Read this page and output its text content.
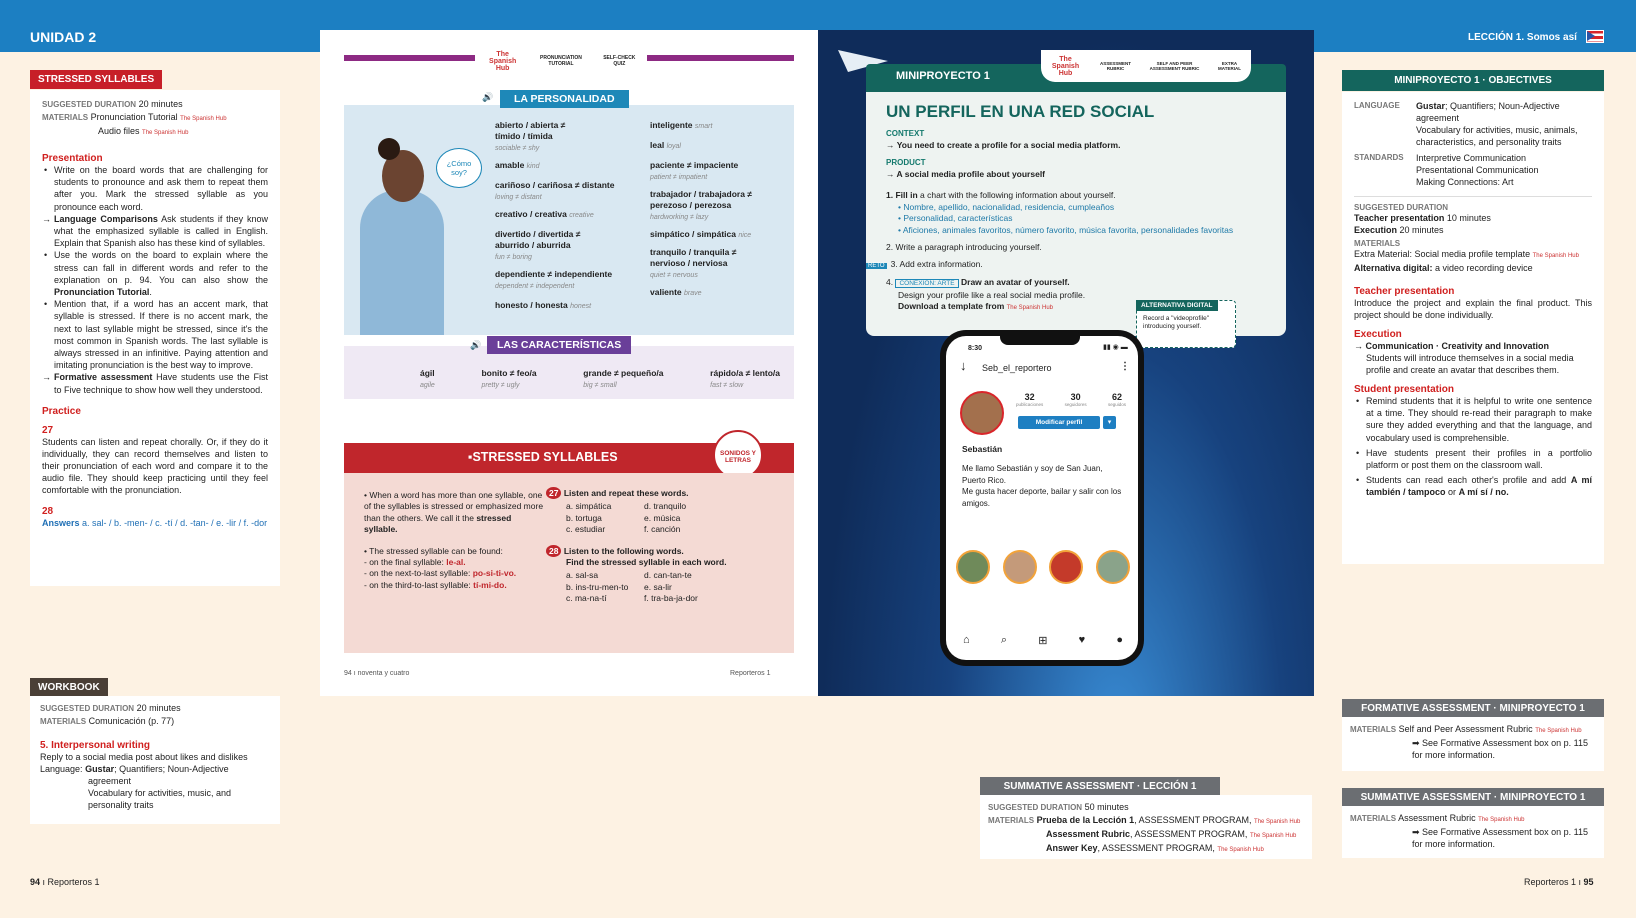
UNIDAD 2	LECCIÓN 1. Somos así
STRESSED SYLLABLES
SUGGESTED DURATION 20 minutes
MATERIALS Pronunciation Tutorial The Spanish Hub
Audio files The Spanish Hub
Presentation
• Write on the board words that are challenging for students to pronounce and ask them to repeat them after you. Mark the stressed syllable as you pronounce each word.
→ Language Comparisons Ask students if they know what the emphasized syllable is called in English. Explain that Spanish also has these kind of syllables.
• Use the words on the board to explain where the stress can fall in different words and refer to the explanation on p. 94. You can also show the Pronunciation Tutorial.
• Mention that, if a word has an accent mark, that syllable is stressed. If there is no accent mark, the next to last syllable might be stressed, since it's the most common in Spanish words. The last syllable is always stressed in an infinitive. Paying attention and imitating pronunciation is the best way to improve.
→ Formative assessment Have students use the Fist to Five technique to show how well they understood.
Practice
27
Students can listen and repeat chorally. Or, if they do it individually, they can record themselves and listen to their pronunciation of each word and compare it to the audio file. They should keep practicing until they feel comfortable with the pronunciation.
28
Answers a. sal- / b. -men- / c. -tí / d. -tan- / e. -lir / f. -dor
WORKBOOK
SUGGESTED DURATION 20 minutes
MATERIALS Comunicación (p. 77)
5. Interpersonal writing
Reply to a social media post about likes and dislikes
Language: Gustar; Quantifiers; Noun-Adjective
agreement
Vocabulary for activities, music, and
personality traits
The Spanish Hub
PRONUNCIATION TUTORIAL
SELF-CHECK QUIZ
🔊	LA PERSONALIDAD
¿Cómo soy?
abierto / abierta ≠
tímido / tímida
sociable ≠ shy
amable kind
cariñoso / cariñosa ≠ distante
loving ≠ distant
creativo / creativa creative
divertido / divertida ≠
aburrido / aburrida
fun ≠ boring
dependiente ≠ independiente
dependent ≠ independent
honesto / honesta honest
inteligente smart
leal loyal
paciente ≠ impaciente
patient ≠ impatient
trabajador / trabajadora ≠
perezoso / perezosa
hardworking ≠ lazy
simpático / simpática nice
tranquilo / tranquila ≠
nervioso / nerviosa
quiet ≠ nervous
valiente brave
🔊	LAS CARACTERÍSTICAS
ágil
agile
bonito ≠ feo/a
pretty ≠ ugly
grande ≠ pequeño/a
big ≠ small
rápido/a ≠ lento/a
fast ≠ slow
▪STRESSED SYLLABLES	SONIDOS Y LETRAS
• When a word has more than one syllable, one of the syllables is stressed or emphasized more than the others. We call it the stressed syllable.
• The stressed syllable can be found:
- on the final syllable: le-al.
- on the next-to-last syllable: po-si-ti-vo.
- on the third-to-last syllable: tí-mi-do.
27 Listen and repeat these words.
a. simpática	d. tranquilo
b. tortuga	e. música
c. estudiar	f. canción
28 Listen to the following words.
Find the stressed syllable in each word.
a. sal-sa	d. can-tan-te
b. ins-tru-men-to	e. sa-lir
c. ma-na-tí	f. tra-ba-ja-dor
94 ı noventa y cuatro	Reporteros 1
MINIPROYECTO 1
The Spanish Hub
ASSESSMENT RUBRIC
SELF AND PEER ASSESSMENT RUBRIC
EXTRA MATERIAL
UN PERFIL EN UNA RED SOCIAL
CONTEXT
→ You need to create a profile for a social media platform.
PRODUCT
→ A social media profile about yourself
1. Fill in a chart with the following information about yourself.
• Nombre, apellido, nacionalidad, residencia, cumpleaños
• Personalidad, características
• Aficiones, animales favoritos, número favorito, música favorita, personalidades favoritas
2. Write a paragraph introducing yourself.
RETO 3. Add extra information.
4. CONEXIÓN: ARTE Draw an avatar of yourself.
Design your profile like a real social media profile.
Download a template from The Spanish Hub
Record a "videoprofile" introducing yourself.
ALTERNATIVA DIGITAL
8:30	▮▮ ◉ ▬
↓ Seb_el_reportero	⋮
32
publicaciones
30
seguidores
62
seguidos
Modificar perfil	▾
Sebastián
Me llamo Sebastián y soy de San Juan, Puerto Rico.
Me gusta hacer deporte, bailar y salir con los amigos.
⌂	⌕	⊞	♥	●
MINIPROYECTO 1 · OBJECTIVES
LANGUAGE	Gustar; Quantifiers; Noun-Adjective agreement
Vocabulary for activities, music, animals, characteristics, and personality traits
STANDARDS	Interpretive Communication
Presentational Communication
Making Connections: Art
SUGGESTED DURATION
Teacher presentation 10 minutes
Execution 20 minutes
MATERIALS
Extra Material: Social media profile template The Spanish Hub
Alternativa digital: a video recording device
Teacher presentation
Introduce the project and explain the final product. This project should be done individually.
Execution
→ Communication · Creativity and Innovation
Students will introduce themselves in a social media profile and create an avatar that describes them.
Student presentation
• Remind students that it is helpful to write one sentence at a time. They should re-read their paragraph to make sure they added everything and that the language, and vocabulary used is comprehensible.
• Have students present their profiles in a portfolio platform or post them on the classroom wall.
• Students can read each other's profile and add A mí también / tampoco or A mí sí / no.
FORMATIVE ASSESSMENT · MINIPROYECTO 1
MATERIALS Self and Peer Assessment Rubric The Spanish Hub
➡ See Formative Assessment box on p. 115 for more information.
SUMMATIVE ASSESSMENT · MINIPROYECTO 1
MATERIALS Assessment Rubric The Spanish Hub
➡ See Formative Assessment box on p. 115 for more information.
SUMMATIVE ASSESSMENT · LECCIÓN 1
SUGGESTED DURATION 50 minutes
MATERIALS Prueba de la Lección 1, ASSESSMENT PROGRAM, The Spanish Hub
Assessment Rubric, ASSESSMENT PROGRAM, The Spanish Hub
Answer Key, ASSESSMENT PROGRAM, The Spanish Hub
94 ı Reporteros 1	Reporteros 1 ı 95
